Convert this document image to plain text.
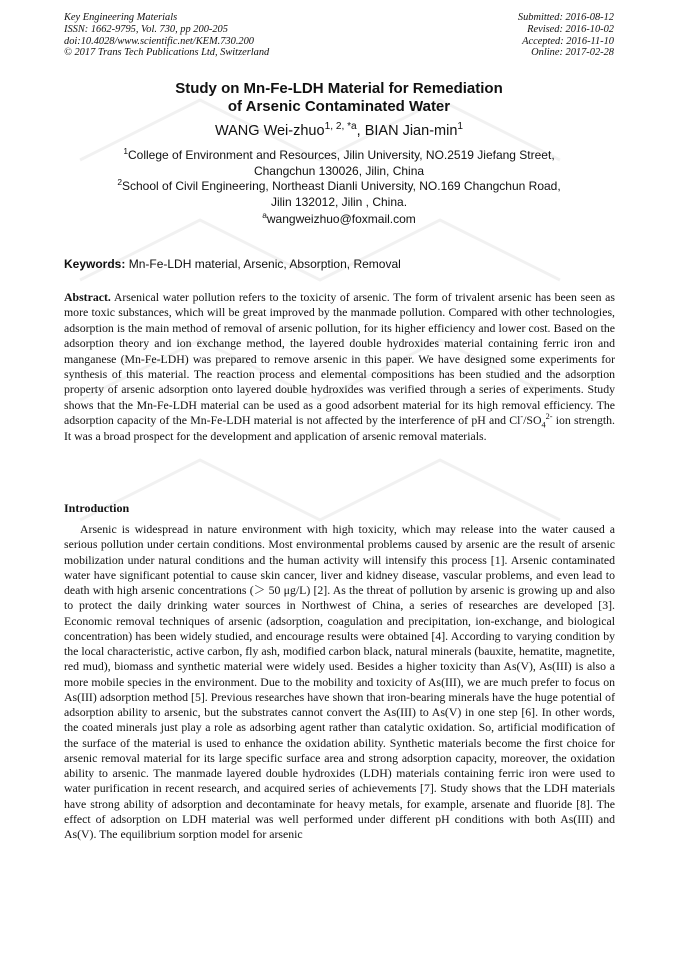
Key Engineering Materials
ISSN: 1662-9795, Vol. 730, pp 200-205
doi:10.4028/www.scientific.net/KEM.730.200
© 2017 Trans Tech Publications Ltd, Switzerland
Submitted: 2016-08-12
Revised: 2016-10-02
Accepted: 2016-11-10
Online: 2017-02-28
Study on Mn-Fe-LDH Material for Remediation
of Arsenic Contaminated Water
WANG Wei-zhuo$^{1, 2, *a}$, BIAN Jian-$\min^1$
$^1$College of Environment and Resources, Jilin University, NO.2519 Jiefang Street,
Changchun 130026, Jilin, China
$^2$School of Civil Engineering, Northeast Dianli University, NO.169 Changchun Road,
Jilin 132012, Jilin , China.
$^a$wangweizhuo@foxmail.com
Keywords: Mn-Fe-LDH material, Arsenic, Absorption, Removal

Abstract. Arsenical water pollution refers to the toxicity of arsenic. The form of trivalent arsenic has been seen as more toxic substances, which will be great improved by the manmade pollution. Compared with other technologies, adsorption is the main method of removal of arsenic pollution, for its higher efficiency and lower cost. Based on the adsorption theory and ion exchange method, the layered double hydroxides material containing ferric iron and manganese (Mn-Fe-LDH) was prepared to remove arsenic in this paper. We have designed some experiments for synthesis of this material. The reaction process and elemental compositions has been studied and the adsorption property of arsenic adsorption onto layered double hydroxides was verified through a series of experiments. Study shows that the Mn-Fe-LDH material can be used as a good adsorbent material for its high removal efficiency. The adsorption capacity of the Mn-Fe-LDH material is not affected by the interference of pH and $Cl^-/SO_4^{2-}$ ion strength. It was a broad prospect for the development and application of arsenic removal materials.

Introduction

Arsenic is widespread in nature environment with high toxicity, which may release into the water caused a serious pollution under certain conditions. Most environmental problems caused by arsenic are the result of arsenic mobilization under natural conditions and the human activity will intensify this process [1]. Arsenic contaminated water have significant potential to cause skin cancer, liver and kidney disease, vascular problems, and even lead to death with high arsenic concentrations (＞ 50 μg/L) [2]. As the threat of pollution by arsenic is growing up and also to protect the daily drinking water sources in Northwest of China, a series of researches are developed [3]. Economic removal techniques of arsenic (adsorption, coagulation and precipitation, ion-exchange, and biological concentration) has been widely studied, and encourage results were obtained [4]. According to varying condition by the local characteristic, active carbon, fly ash, modified carbon black, natural minerals (bauxite, hematite, magnetite, red mud), biomass and synthetic material were widely used. Besides a higher toxicity than As(V), As(III) is also a more mobile species in the environment. Due to the mobility and toxicity of As(III), we are much prefer to focus on As(III) adsorption method [5]. Previous researches have shown that iron-bearing minerals have the huge potential of adsorption ability to arsenic, but the substrates cannot convert the As(III) to As(V) in one step [6]. In other words, the coated minerals just play a role as adsorbing agent rather than catalytic oxidation. So, artificial modification of the surface of the material is used to enhance the oxidation ability. Synthetic materials become the first choice for arsenic removal material for its large specific surface area and strong adsorption capacity, moreover, the oxidation ability to arsenic. The manmade layered double hydroxides (LDH) materials containing ferric iron were used to water purification in recent research, and acquired series of achievements [7]. Study shows that the LDH materials have strong ability of adsorption and decontaminate for heavy metals, for example, arsenate and fluoride [8]. The effect of adsorption on LDH material was well performed under different pH conditions with both As(III) and As(V). The equilibrium sorption model for arsenic
